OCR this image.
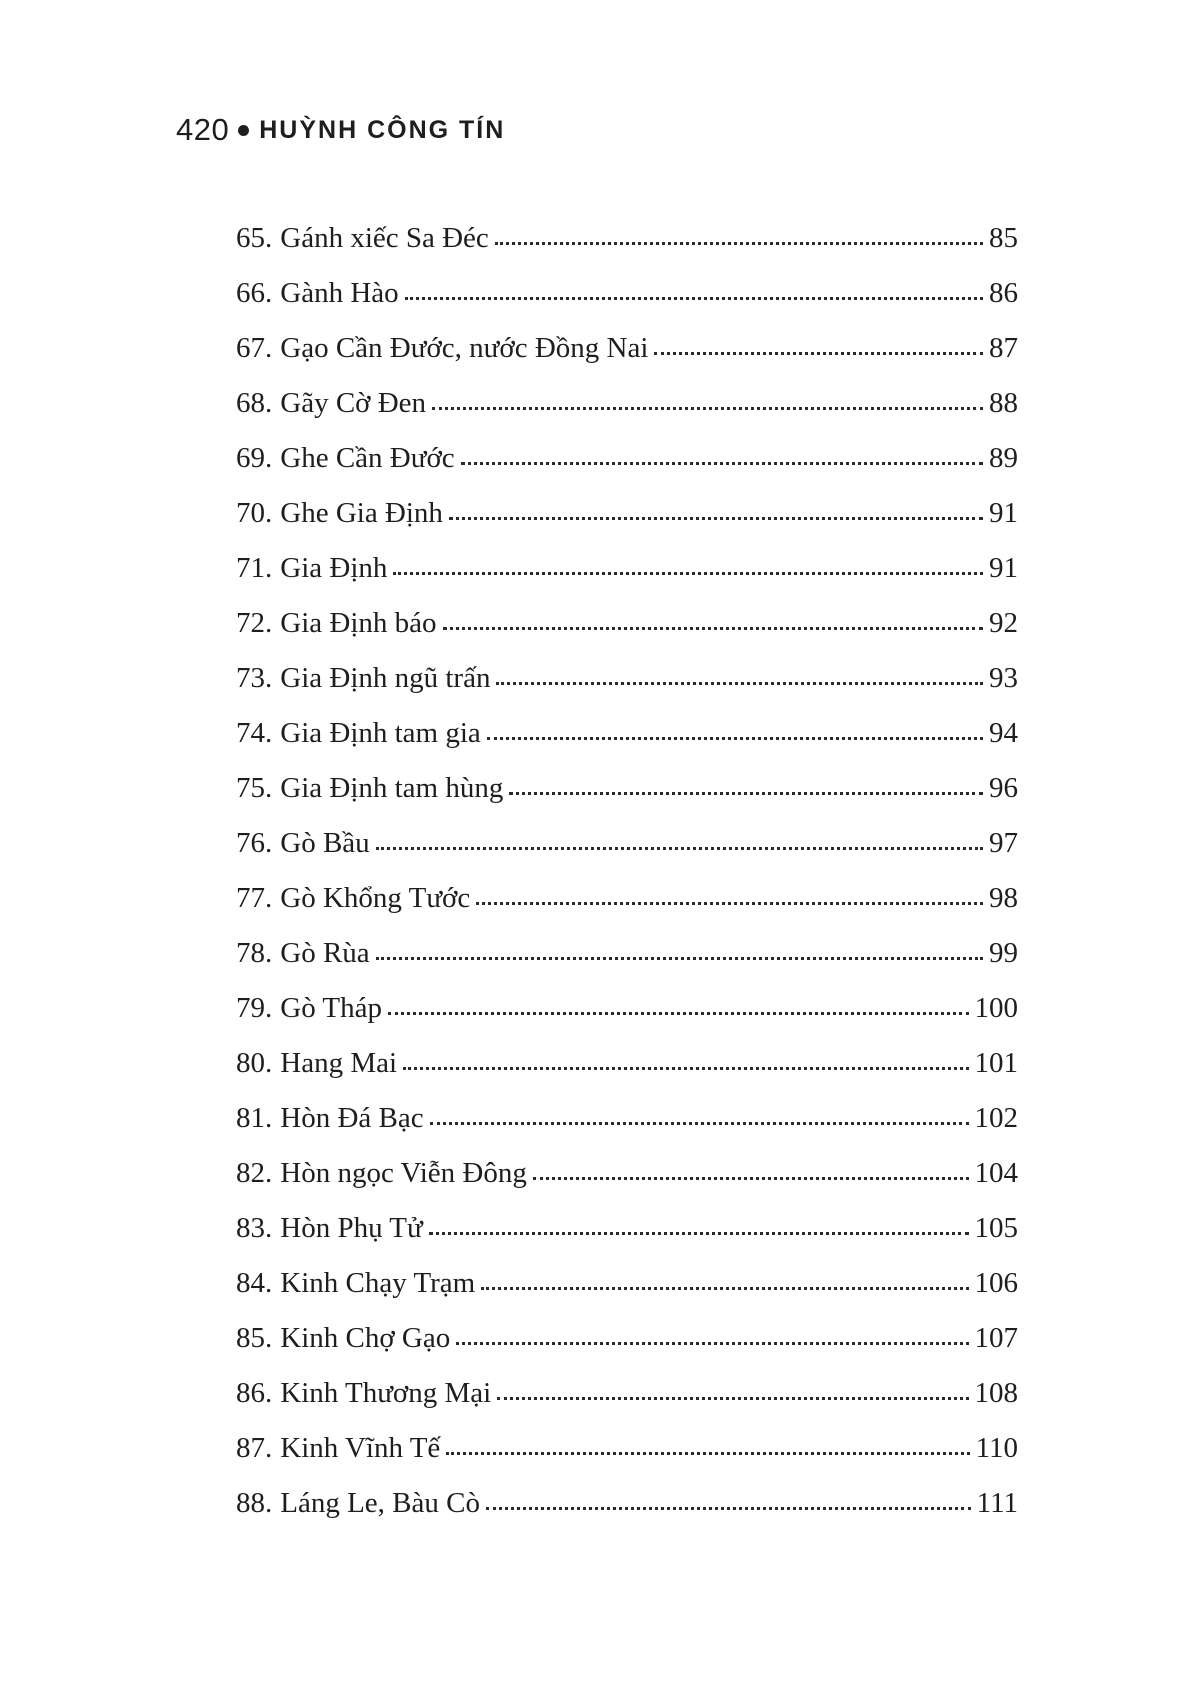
420 HUỲNH CÔNG TÍN
65. Gánh xiếc Sa Đéc	85
66. Gành Hào	86
67. Gạo Cần Đước, nước Đồng Nai	87
68. Gãy Cờ Đen	88
69. Ghe Cần Đước	89
70. Ghe Gia Định	91
71. Gia Định	91
72. Gia Định báo	92
73. Gia Định ngũ trấn	93
74. Gia Định tam gia	94
75. Gia Định tam hùng	96
76. Gò Bầu	97
77. Gò Khổng Tước	98
78. Gò Rùa	99
79. Gò Tháp	100
80. Hang Mai	101
81. Hòn Đá Bạc	102
82. Hòn ngọc Viễn Đông	104
83. Hòn Phụ Tử	105
84. Kinh Chạy Trạm	106
85. Kinh Chợ Gạo	107
86. Kinh Thương Mại	108
87. Kinh Vĩnh Tế	110
88. Láng Le, Bàu Cò	111
